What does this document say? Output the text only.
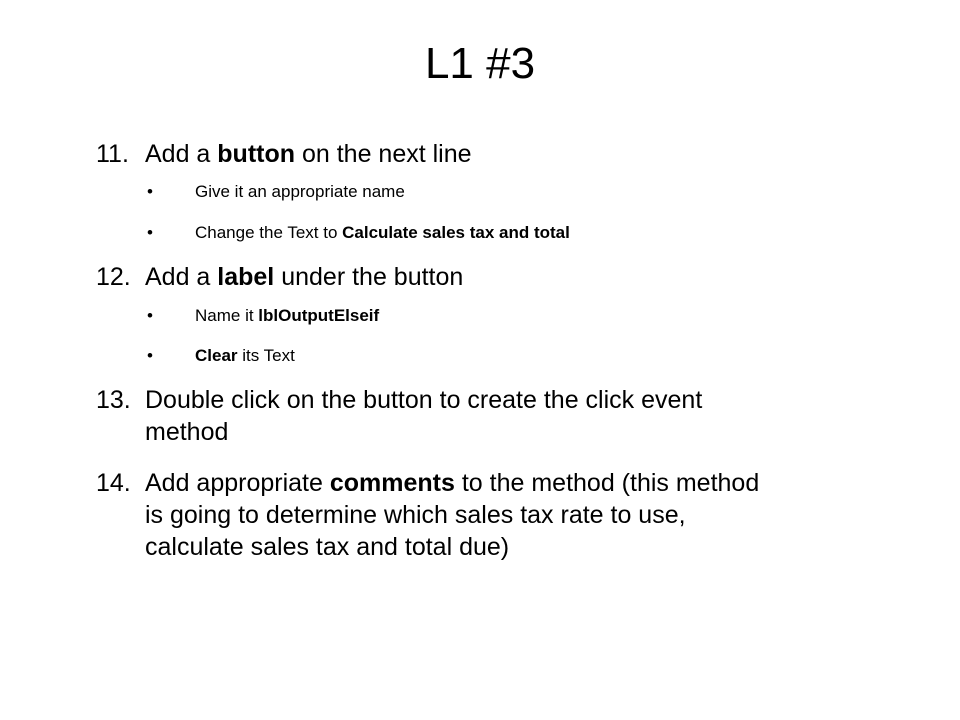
L1 #3
11. Add a button on the next line
• Give it an appropriate name
• Change the Text to Calculate sales tax and total
12. Add a label under the button
• Name it lblOutputElseif
• Clear its Text
13. Double click on the button to create the click event
method
14. Add appropriate comments to the method (this method
is going to determine which sales tax rate to use,
calculate sales tax and total due)
